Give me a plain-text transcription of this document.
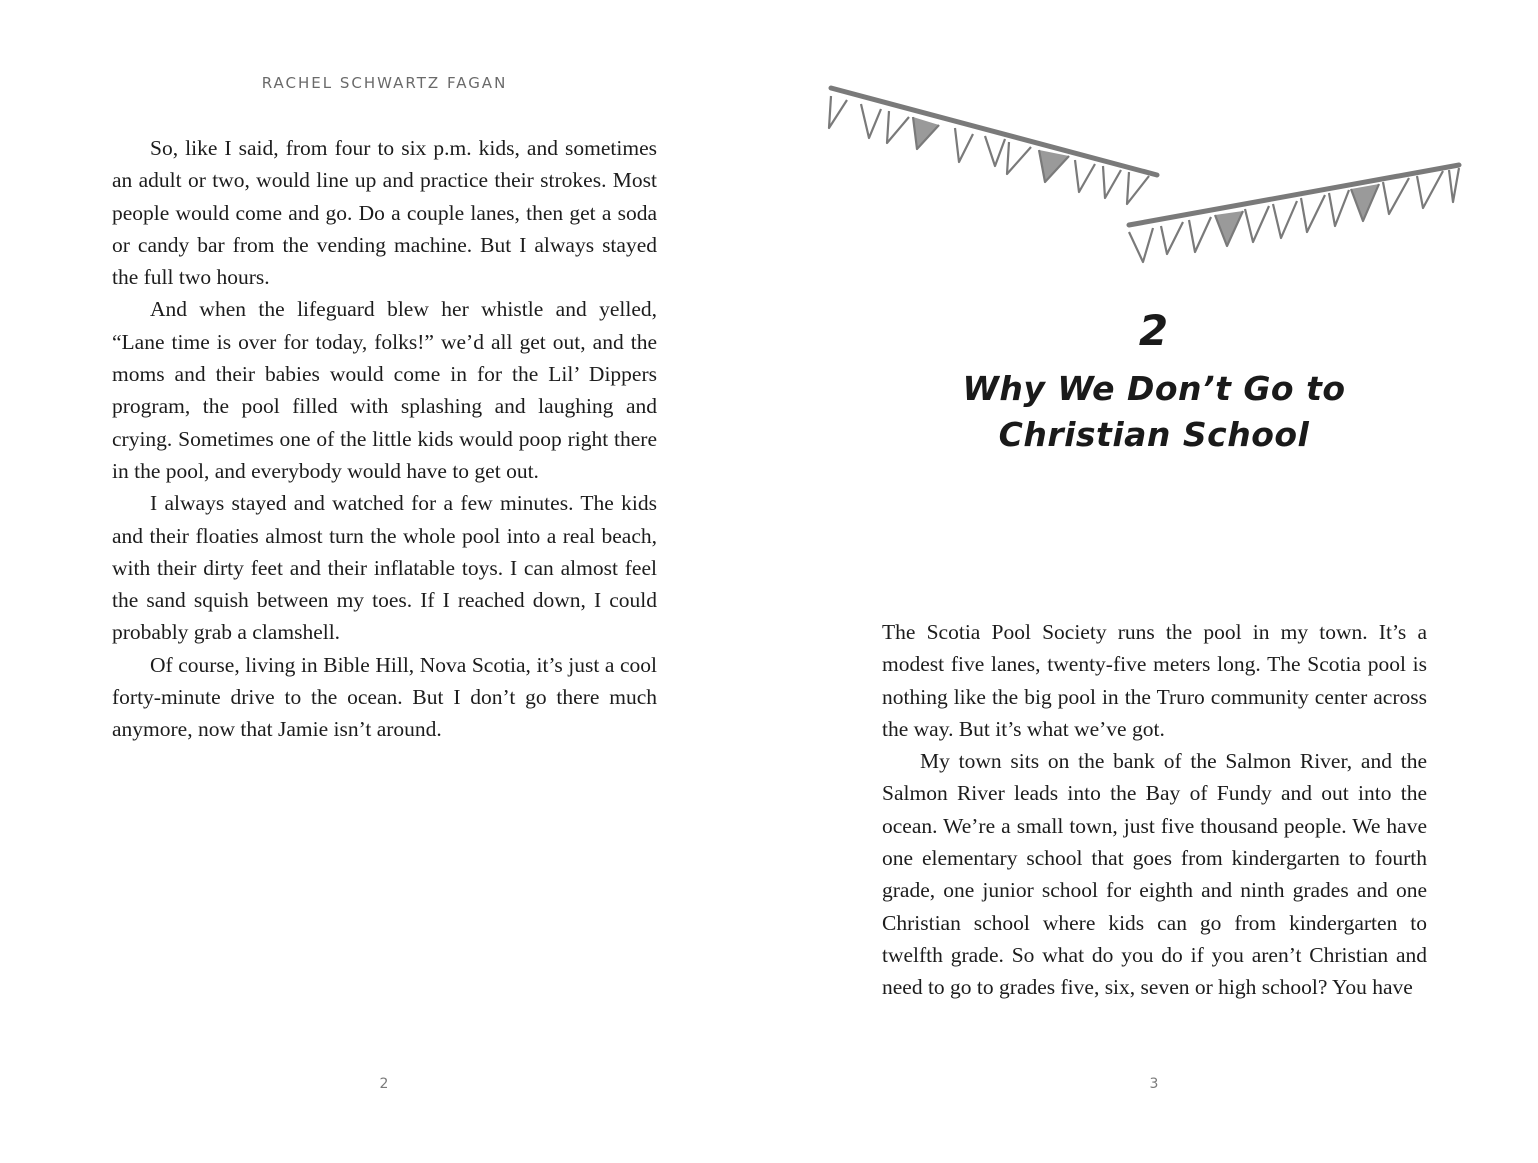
RACHEL SCHWARTZ FAGAN

So, like I said, from four to six p.m. kids, and sometimes an adult or two, would line up and practice their strokes. Most people would come and go. Do a couple lanes, then get a soda or candy bar from the vending machine. But I always stayed the full two hours.

And when the lifeguard blew her whistle and yelled, “Lane time is over for today, folks!” we’d all get out, and the moms and their babies would come in for the Lil’ Dippers program, the pool filled with splashing and laughing and crying. Sometimes one of the little kids would poop right there in the pool, and everybody would have to get out.

I always stayed and watched for a few minutes. The kids and their floaties almost turn the whole pool into a real beach, with their dirty feet and their inflatable toys. I can almost feel the sand squish between my toes. If I reached down, I could probably grab a clamshell.

Of course, living in Bible Hill, Nova Scotia, it’s just a cool forty-minute drive to the ocean. But I don’t go there much anymore, now that Jamie isn’t around.

2
2
Why We Don’t Go to
Christian School

The Scotia Pool Society runs the pool in my town. It’s a modest five lanes, twenty-five meters long. The Scotia pool is nothing like the big pool in the Truro community center across the way. But it’s what we’ve got.

My town sits on the bank of the Salmon River, and the Salmon River leads into the Bay of Fundy and out into the ocean. We’re a small town, just five thousand people. We have one elementary school that goes from kindergarten to fourth grade, one junior school for eighth and ninth grades and one Christian school where kids can go from kindergarten to twelfth grade. So what do you do if you aren’t Christian and need to go to grades five, six, seven or high school? You have

3
